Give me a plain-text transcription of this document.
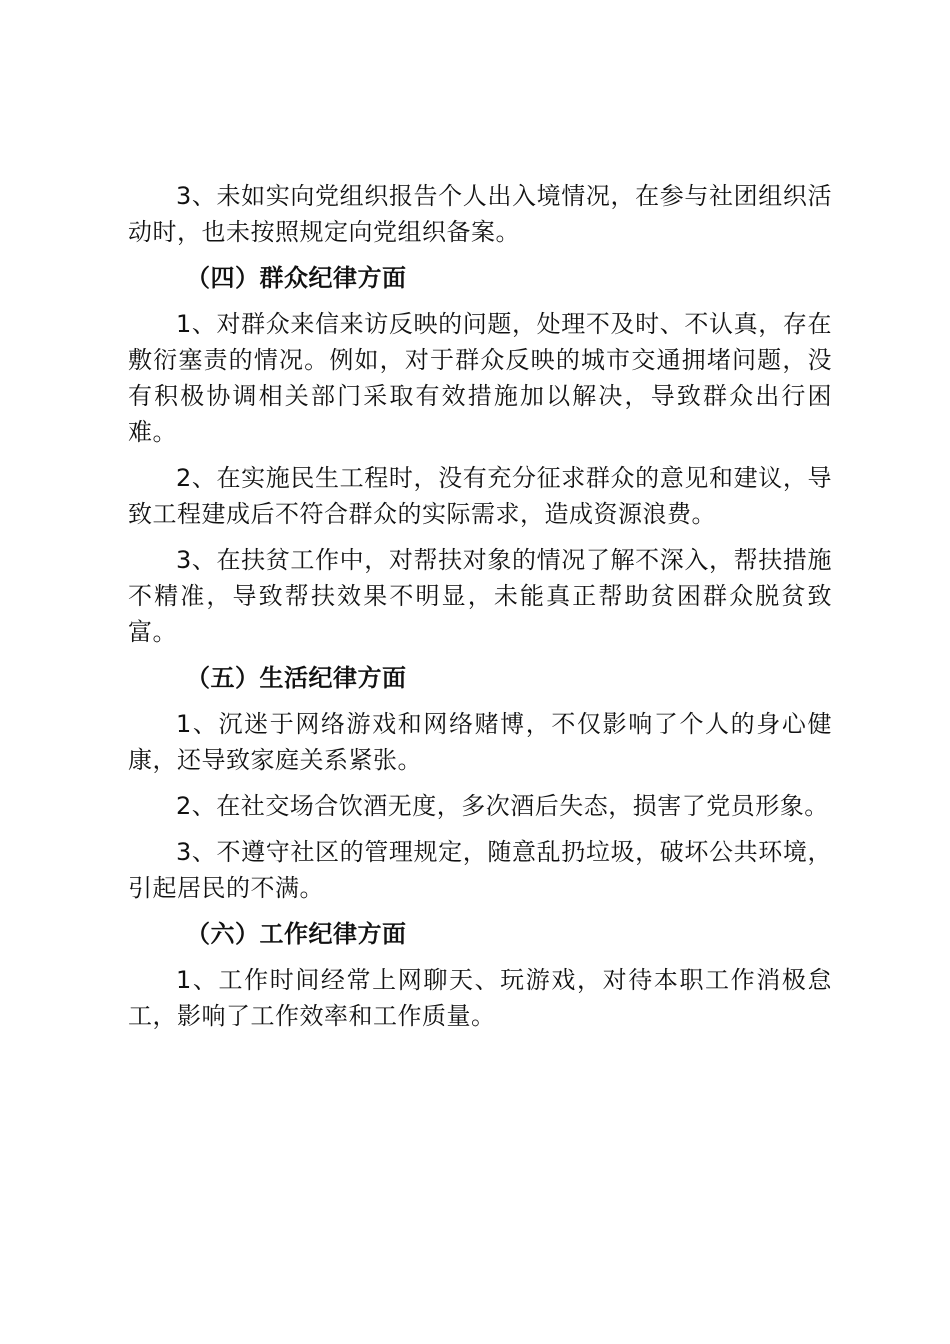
3、未如实向党组织报告个人出入境情况，在参与社团组织活动时，也未按照规定向党组织备案。

（四）群众纪律方面

1、对群众来信来访反映的问题，处理不及时、不认真，存在敷衍塞责的情况。例如，对于群众反映的城市交通拥堵问题，没有积极协调相关部门采取有效措施加以解决，导致群众出行困难。

2、在实施民生工程时，没有充分征求群众的意见和建议，导致工程建成后不符合群众的实际需求，造成资源浪费。

3、在扶贫工作中，对帮扶对象的情况了解不深入，帮扶措施不精准，导致帮扶效果不明显，未能真正帮助贫困群众脱贫致富。

（五）生活纪律方面

1、沉迷于网络游戏和网络赌博，不仅影响了个人的身心健康，还导致家庭关系紧张。

2、在社交场合饮酒无度，多次酒后失态，损害了党员形象。

3、不遵守社区的管理规定，随意乱扔垃圾，破坏公共环境，引起居民的不满。

（六）工作纪律方面

1、工作时间经常上网聊天、玩游戏，对待本职工作消极怠工，影响了工作效率和工作质量。
